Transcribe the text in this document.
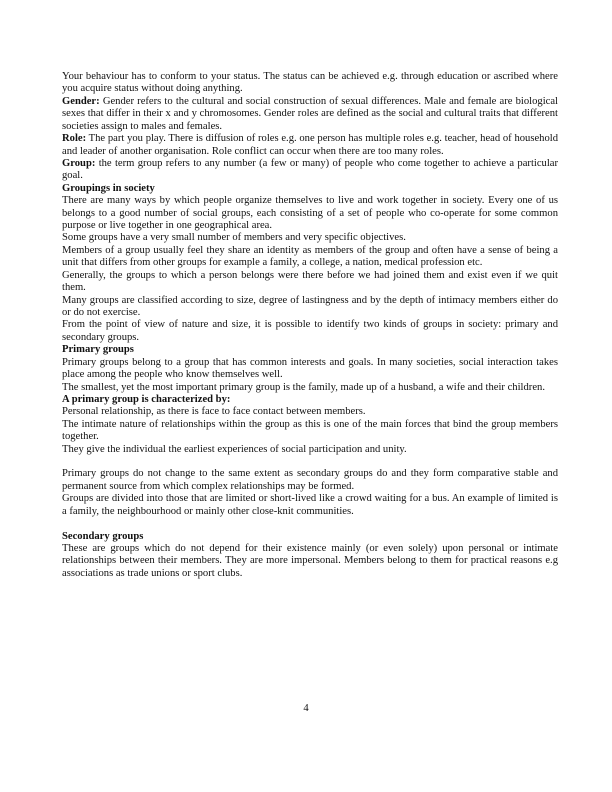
Your behaviour has to conform to your status. The status can be achieved e.g. through education or ascribed where you acquire status without doing anything.

Gender: Gender refers to the cultural and social construction of sexual differences. Male and female are biological sexes that differ in their x and y chromosomes. Gender roles are defined as the social and cultural traits that different societies assign to males and females.

Role: The part you play. There is diffusion of roles e.g. one person has multiple roles e.g. teacher, head of household and leader of another organisation. Role conflict can occur when there are too many roles.

Group: the term group refers to any number (a few or many) of people who come together to achieve a particular goal.

Groupings in society

There are many ways by which people organize themselves to live and work together in society. Every one of us belongs to a good number of social groups, each consisting of a set of people who co-operate for some common purpose or live together in one geographical area.

Some groups have a very small number of members and very specific objectives.

Members of a group usually feel they share an identity as members of the group and often have a sense of being a unit that differs from other groups for example a family, a college, a nation, medical profession etc.

Generally, the groups to which a person belongs were there before we had joined them and exist even if we quit them.

Many groups are classified according to size, degree of lastingness and by the depth of intimacy members either do or do not exercise.

From the point of view of nature and size, it is possible to identify two kinds of groups in society: primary and secondary groups.

Primary groups

Primary groups belong to a group that has common interests and goals. In many societies, social interaction takes place among the people who know themselves well.

The smallest, yet the most important primary group is the family, made up of a husband, a wife and their children.

A primary group is characterized by:

Personal relationship, as there is face to face contact between members.

The intimate nature of relationships within the group as this is one of the main forces that bind the group members together.

They give the individual the earliest experiences of social participation and unity.

Primary groups do not change to the same extent as secondary groups do and they form comparative stable and permanent source from which complex relationships may be formed.

Groups are divided into those that are limited or short-lived like a crowd waiting for a bus. An example of limited is a family, the neighbourhood or mainly other close-knit communities.

Secondary groups

These are groups which do not depend for their existence mainly (or even solely) upon personal or intimate relationships between their members. They are more impersonal. Members belong to them for practical reasons e.g associations as trade unions or sport clubs.

4
